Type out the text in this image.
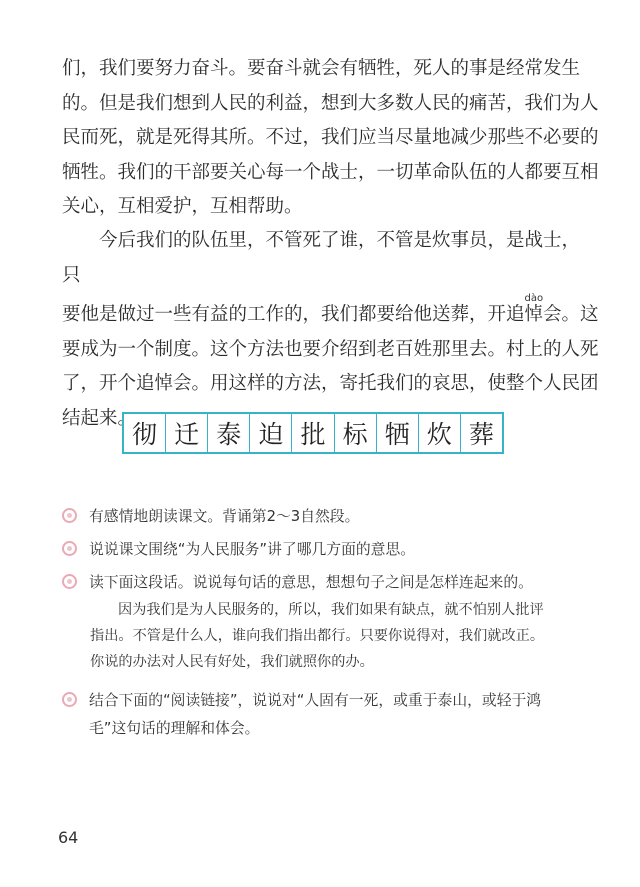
们，我们要努力奋斗。要奋斗就会有牺牲，死人的事是经常发生
的。但是我们想到人民的利益，想到大多数人民的痛苦，我们为人
民而死，就是死得其所。不过，我们应当尽量地减少那些不必要的
牺牲。我们的干部要关心每一个战士，一切革命队伍的人都要互相
关心，互相爱护，互相帮助。
今后我们的队伍里，不管死了谁，不管是炊事员，是战士，只

要他是做过一些有益的工作的，我们都要给他送葬，开追悼dào会。这
要成为一个制度。这个方法也要介绍到老百姓那里去。村上的人死
了，开个追悼会。用这样的方法，寄托我们的哀思，使整个人民团
结起来。
彻 迁 泰 迫 批 标 牺 炊 葬
有感情地朗读课文。背诵第2～3自然段。
说说课文围绕“为人民服务”讲了哪几方面的意思。
读下面这段话。说说每句话的意思，想想句子之间是怎样连起来的。
结合下面的“阅读链接”，说说对“人固有一死，或重于泰山，或轻于鸿
毛”这句话的理解和体会。
因为我们是为人民服务的，所以，我们如果有缺点，就不怕别人批评
指出。不管是什么人，谁向我们指出都行。只要你说得对，我们就改正。
你说的办法对人民有好处，我们就照你的办。
64
